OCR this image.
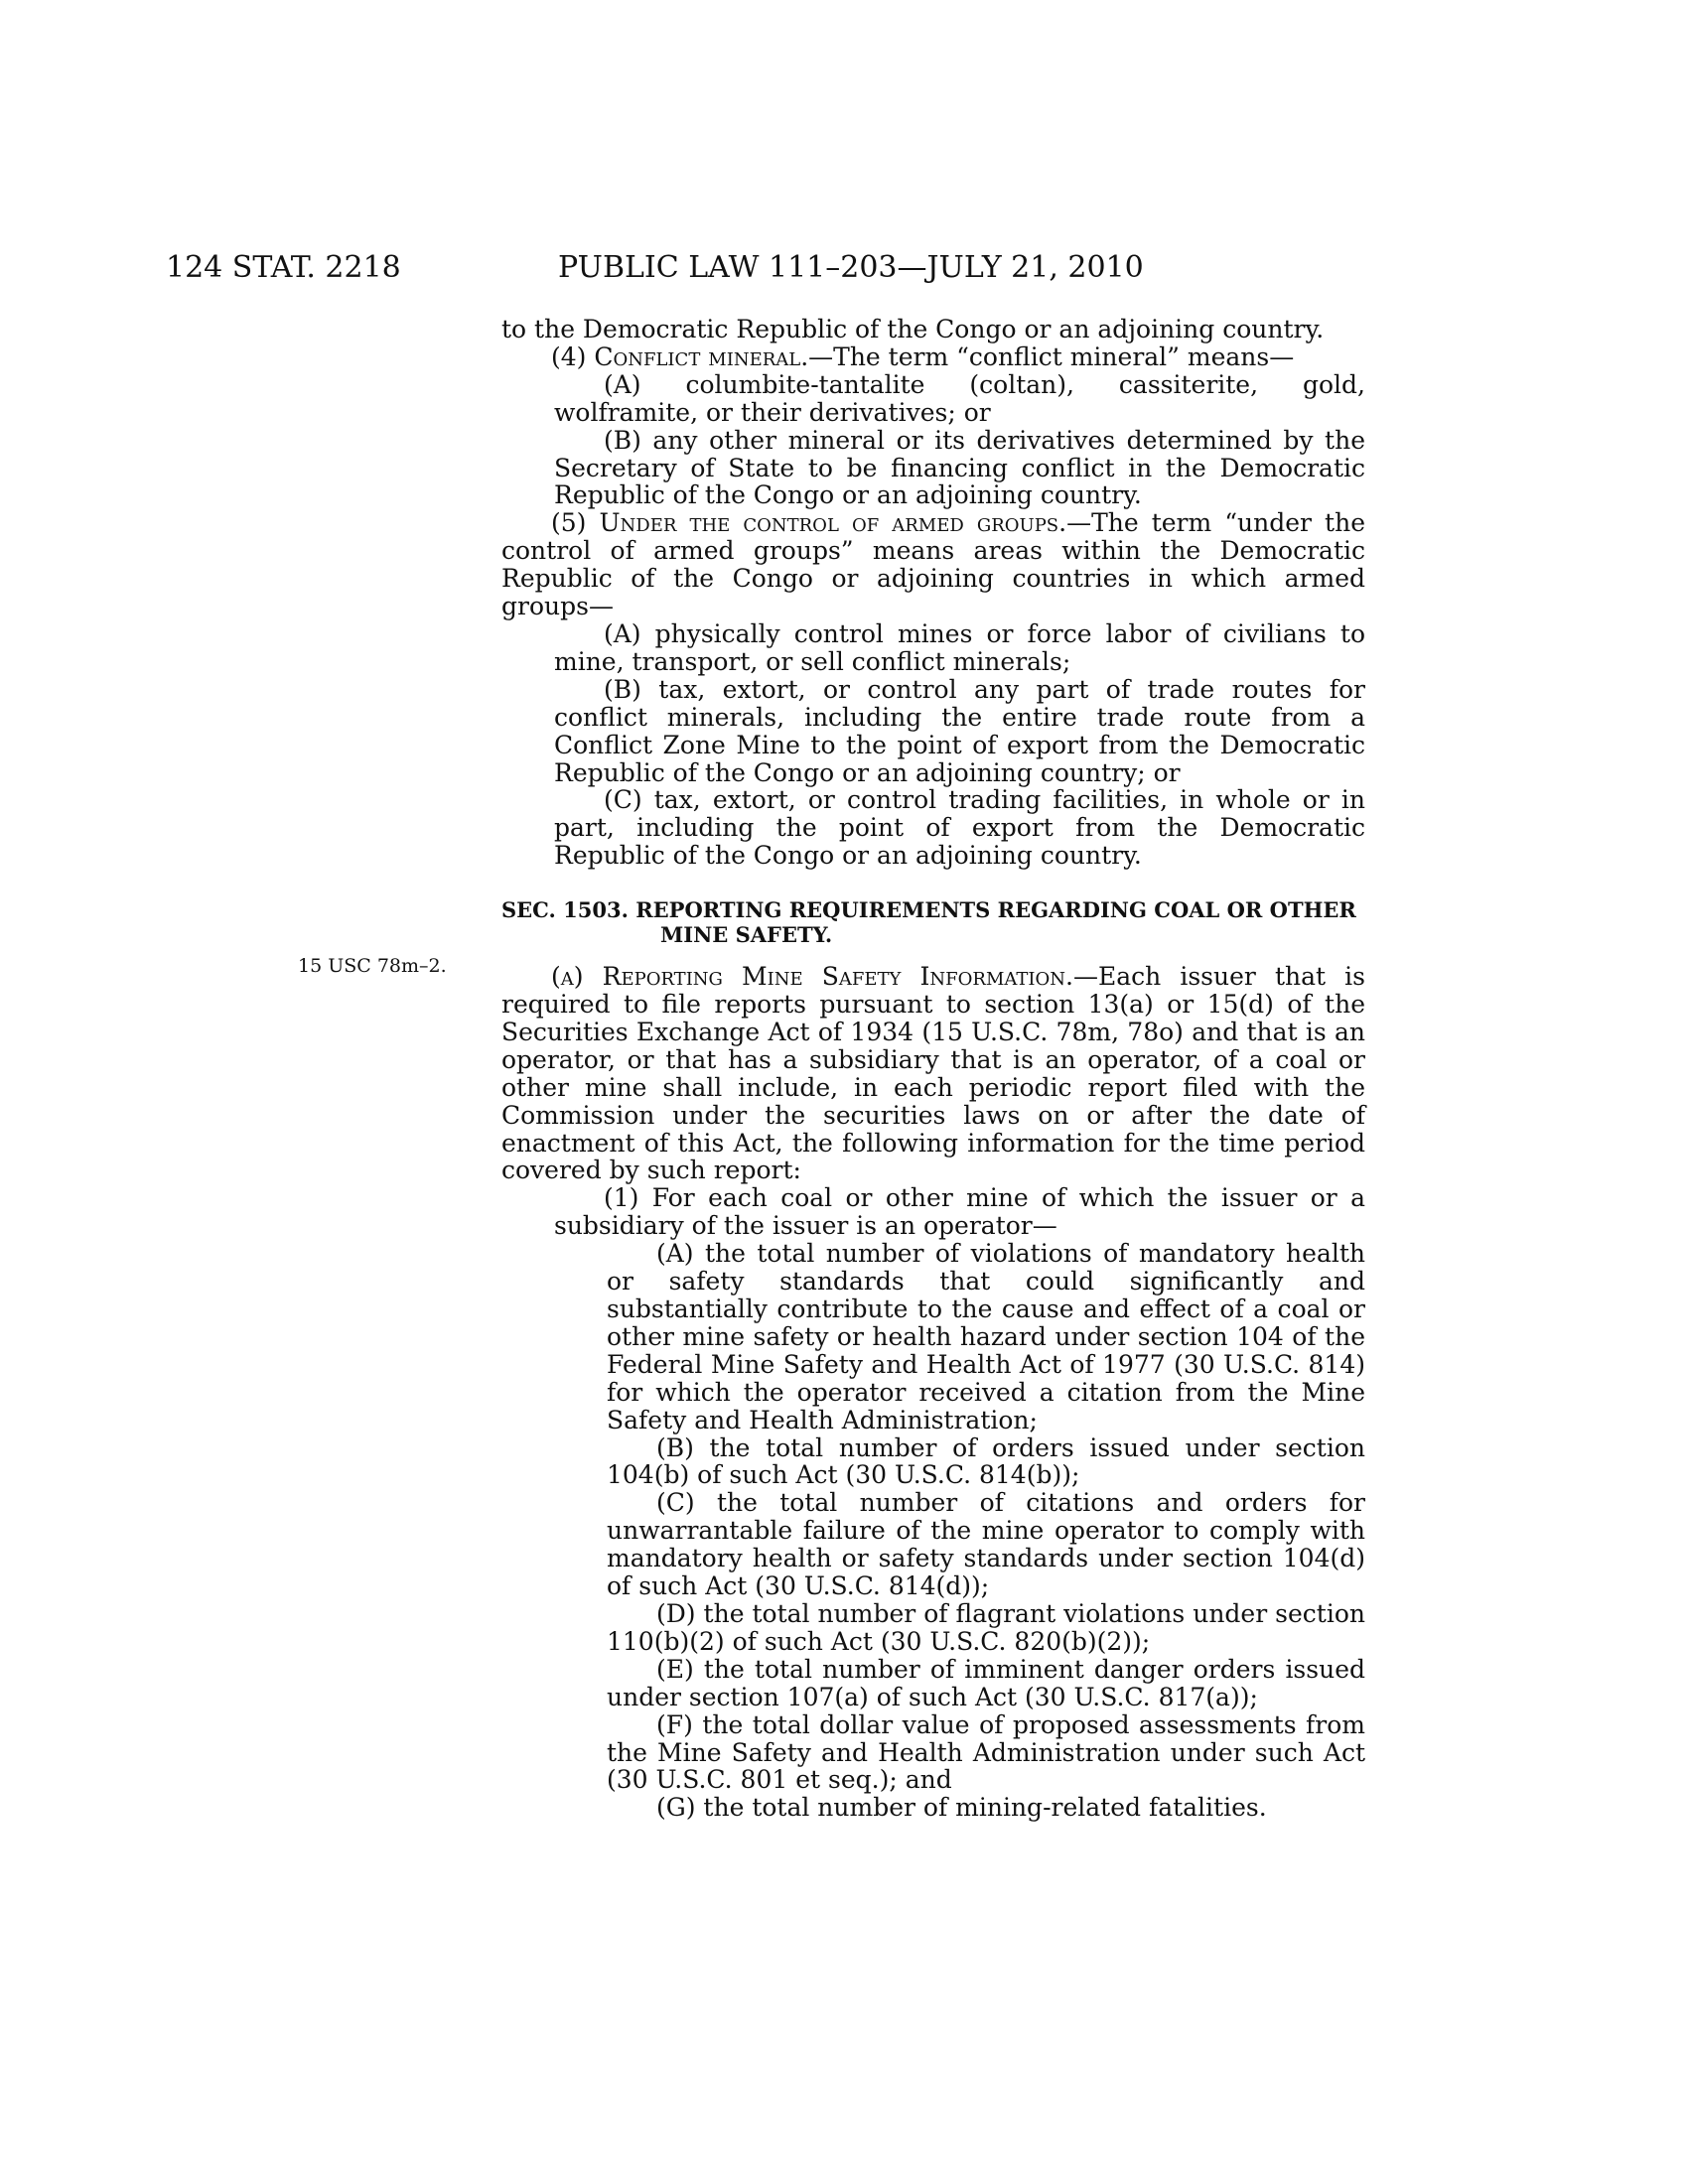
124 STAT. 2218	PUBLIC LAW 111–203—JULY 21, 2010
15 USC 78m–2.

to the Democratic Republic of the Congo or an adjoining country.

(4) Conflict mineral.—The term “conflict mineral” means—

(A) columbite-tantalite (coltan), cassiterite, gold, wolframite, or their derivatives; or

(B) any other mineral or its derivatives determined by the Secretary of State to be financing conflict in the Democratic Republic of the Congo or an adjoining country.

(5) Under the control of armed groups.—The term “under the control of armed groups” means areas within the Democratic Republic of the Congo or adjoining countries in which armed groups—

(A) physically control mines or force labor of civilians to mine, transport, or sell conflict minerals;

(B) tax, extort, or control any part of trade routes for conflict minerals, including the entire trade route from a Conflict Zone Mine to the point of export from the Democratic Republic of the Congo or an adjoining country; or

(C) tax, extort, or control trading facilities, in whole or in part, including the point of export from the Democratic Republic of the Congo or an adjoining country.

SEC. 1503. REPORTING REQUIREMENTS REGARDING COAL OR OTHER MINE SAFETY.

(a) Reporting Mine Safety Information.—Each issuer that is required to file reports pursuant to section 13(a) or 15(d) of the Securities Exchange Act of 1934 (15 U.S.C. 78m, 78o) and that is an operator, or that has a subsidiary that is an operator, of a coal or other mine shall include, in each periodic report filed with the Commission under the securities laws on or after the date of enactment of this Act, the following information for the time period covered by such report:

(1) For each coal or other mine of which the issuer or a subsidiary of the issuer is an operator—

(A) the total number of violations of mandatory health or safety standards that could significantly and substantially contribute to the cause and effect of a coal or other mine safety or health hazard under section 104 of the Federal Mine Safety and Health Act of 1977 (30 U.S.C. 814) for which the operator received a citation from the Mine Safety and Health Administration;

(B) the total number of orders issued under section 104(b) of such Act (30 U.S.C. 814(b));

(C) the total number of citations and orders for unwarrantable failure of the mine operator to comply with mandatory health or safety standards under section 104(d) of such Act (30 U.S.C. 814(d));

(D) the total number of flagrant violations under section 110(b)(2) of such Act (30 U.S.C. 820(b)(2));

(E) the total number of imminent danger orders issued under section 107(a) of such Act (30 U.S.C. 817(a));

(F) the total dollar value of proposed assessments from the Mine Safety and Health Administration under such Act (30 U.S.C. 801 et seq.); and

(G) the total number of mining-related fatalities.
